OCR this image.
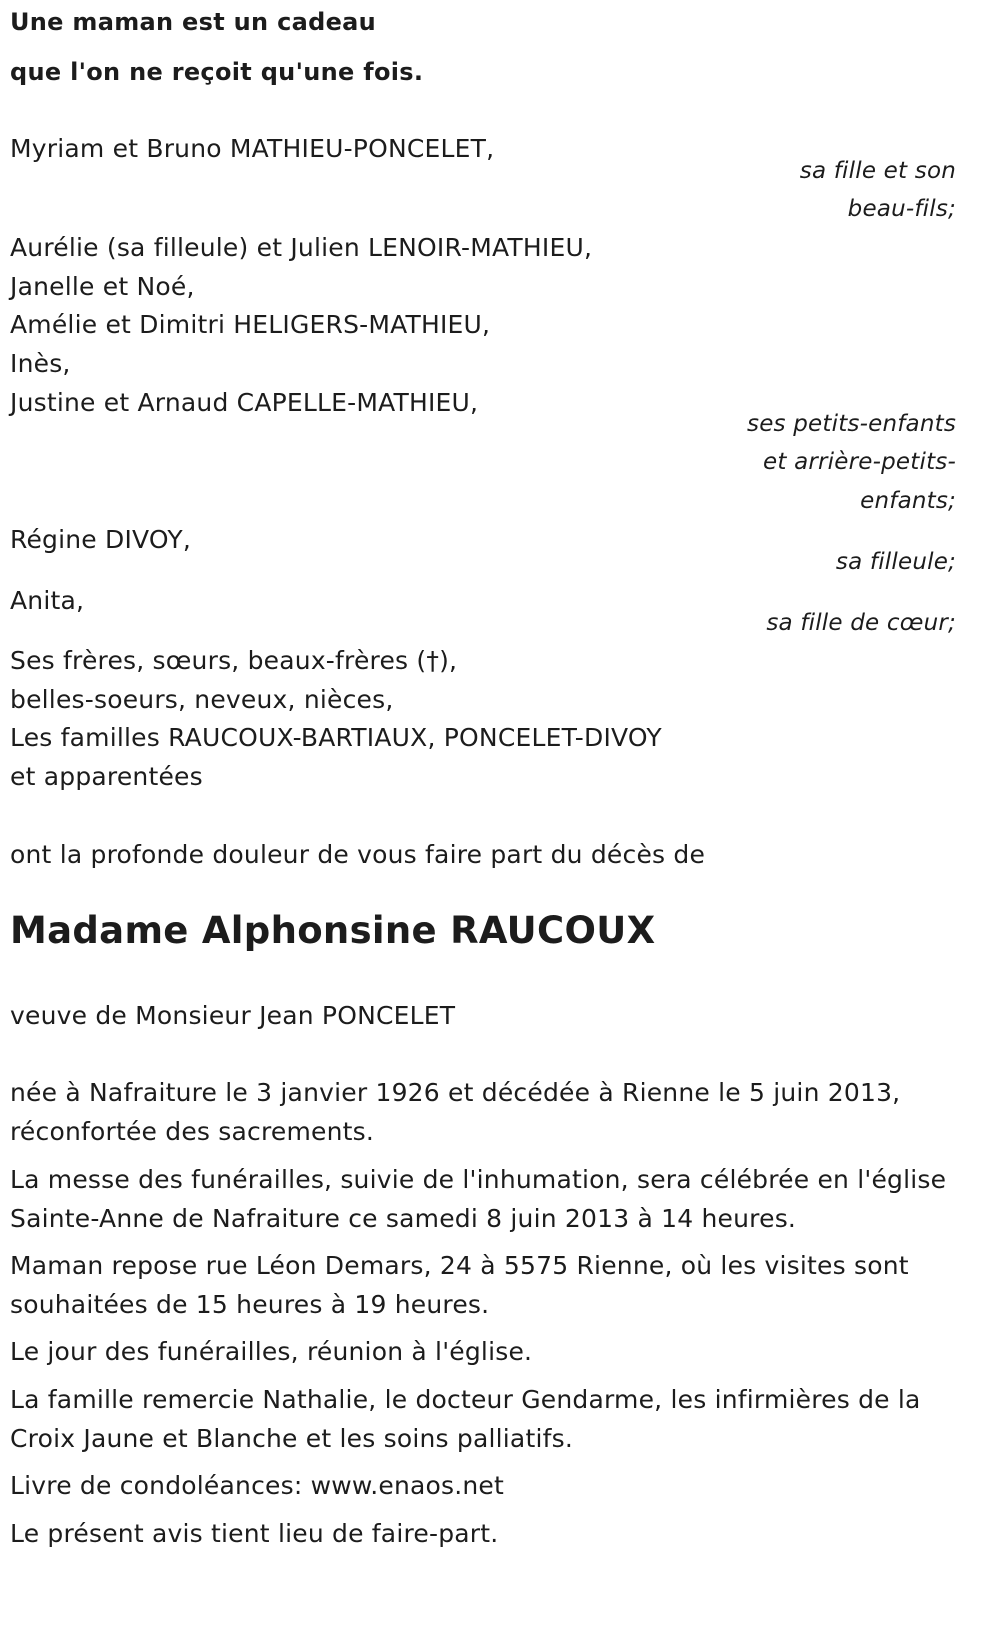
Une maman est un cadeau
que l'on ne reçoit qu'une fois.
Myriam et Bruno MATHIEU-PONCELET,
sa fille et son
beau-fils;
Aurélie (sa filleule) et Julien LENOIR-MATHIEU,
Janelle et Noé,
Amélie et Dimitri HELIGERS-MATHIEU,
Inès,
Justine et Arnaud CAPELLE-MATHIEU,
ses petits-enfants
et arrière-petits-
enfants;
Régine DIVOY,
sa filleule;
Anita,
sa fille de cœur;
Ses frères, sœurs, beaux-frères (†),
belles-soeurs, neveux, nièces,
Les familles RAUCOUX-BARTIAUX, PONCELET-DIVOY
et apparentées
ont la profonde douleur de vous faire part du décès de
Madame Alphonsine RAUCOUX
veuve de Monsieur Jean PONCELET
née à Nafraiture le 3 janvier 1926 et décédée à Rienne le 5 juin 2013,
réconfortée des sacrements.
La messe des funérailles, suivie de l'inhumation, sera célébrée en l'église
Sainte-Anne de Nafraiture ce samedi 8 juin 2013 à 14 heures.
Maman repose rue Léon Demars, 24 à 5575 Rienne, où les visites sont
souhaitées de 15 heures à 19 heures.
Le jour des funérailles, réunion à l'église.
La famille remercie Nathalie, le docteur Gendarme, les infirmières de la
Croix Jaune et Blanche et les soins palliatifs.
Livre de condoléances: www.enaos.net
Le présent avis tient lieu de faire-part.
